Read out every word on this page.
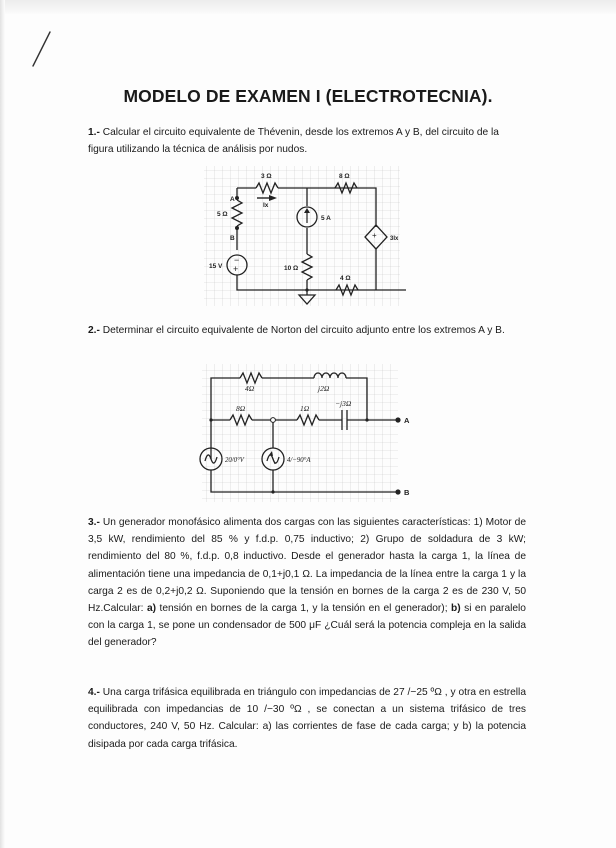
MODELO DE EXAMEN I (ELECTROTECNIA).
1.- Calcular el circuito equivalente de Thévenin, desde los extremos A y B, del circuito de la figura utilizando la técnica de análisis por nudos.
3 Ω	8 Ω
A
Ix
5 Ω
B
5 A
3Ix
+
15 V
−
+	10 Ω
4 Ω
2.- Determinar el circuito equivalente de Norton del circuito adjunto entre los extremos A y B.
4Ω	j2Ω
8Ω	1Ω
−j3Ω
A
B
20/0°V	4/−90°A
3.- Un generador monofásico alimenta dos cargas con las siguientes características: 1) Motor de 3,5 kW, rendimiento del 85 % y f.d.p. 0,75 inductivo; 2) Grupo de soldadura de 3 kW; rendimiento del 80 %, f.d.p. 0,8 inductivo. Desde el generador hasta la carga 1, la línea de alimentación tiene una impedancia de 0,1+j0,1 Ω. La impedancia de la línea entre la carga 1 y la carga 2 es de 0,2+j0,2 Ω. Suponiendo que la tensión en bornes de la carga 2 es de 230 V, 50 Hz.Calcular: a) tensión en bornes de la carga 1, y la tensión en el generador); b) si en paralelo con la carga 1, se pone un condensador de 500 μF ¿Cuál será la potencia compleja en la salida del generador?
4.- Una carga trifásica equilibrada en triángulo con impedancias de 27 /−25 ºΩ , y otra en estrella equilibrada con impedancias de 10 /−30 ºΩ , se conectan a un sistema trifásico de tres conductores, 240 V, 50 Hz. Calcular: a) las corrientes de fase de cada carga; y b) la potencia disipada por cada carga trifásica.
